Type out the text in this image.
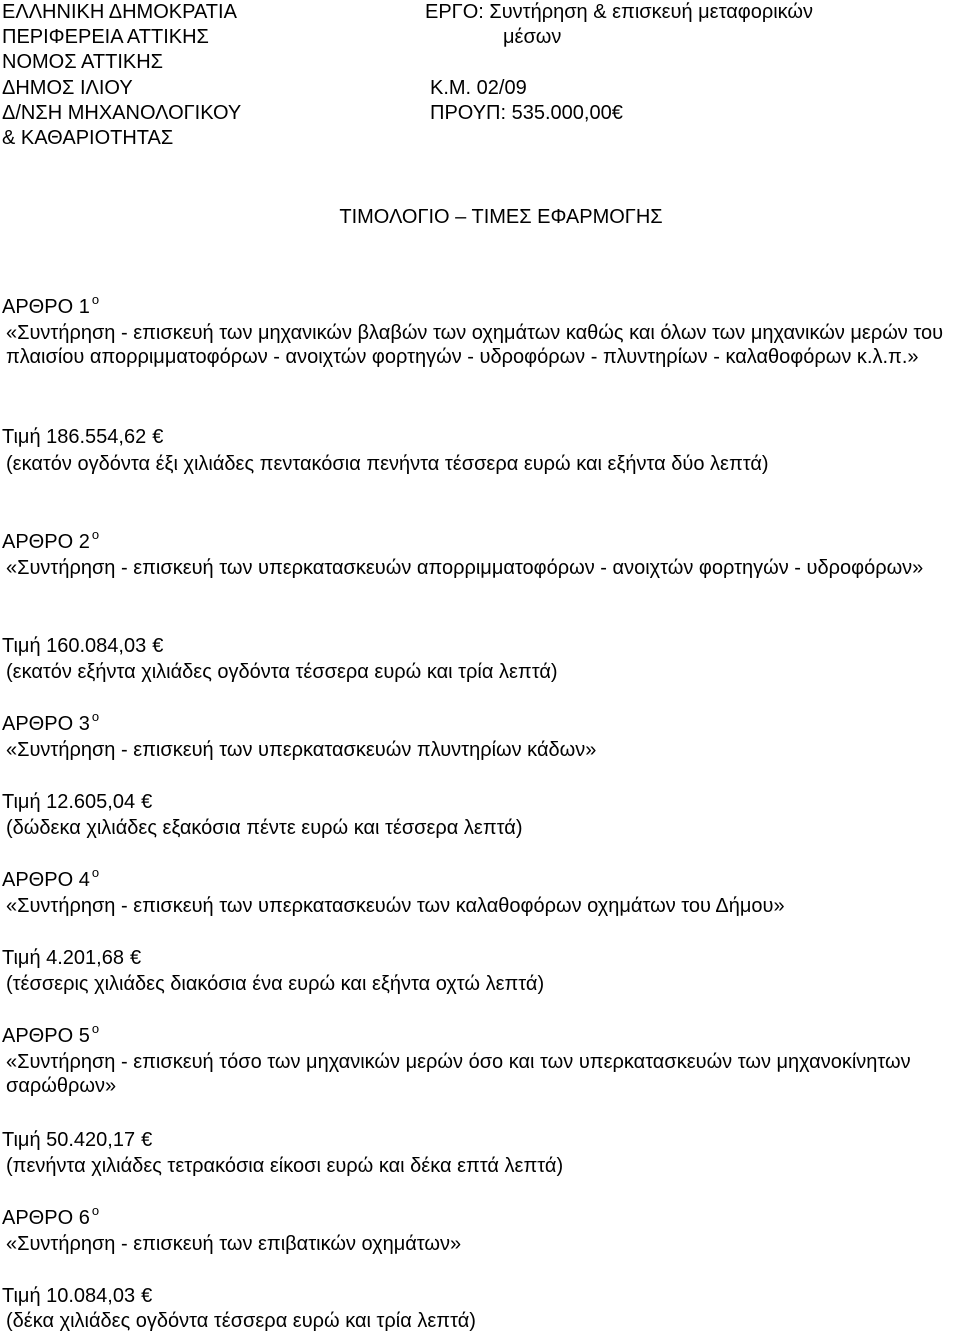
ΕΛΛΗΝΙΚΗ ΔΗΜΟΚΡΑΤΙΑ
ΠΕΡΙΦΕΡΕΙΑ ΑΤΤΙΚΗΣ
ΝΟΜΟΣ ΑΤΤΙΚΗΣ
ΔΗΜΟΣ ΙΛΙΟΥ
Δ/ΝΣΗ ΜΗΧΑΝΟΛΟΓΙΚΟΥ
& ΚΑΘΑΡΙΟΤΗΤΑΣ
ΕΡΓΟ: Συντήρηση & επισκευή μεταφορικών
μέσων
Κ.Μ. 02/09
ΠΡΟΥΠ: 535.000,00€
ΤΙΜΟΛΟΓΙΟ – ΤΙΜΕΣ ΕΦΑΡΜΟΓΗΣ
ΑΡΘΡΟ 1 $^o$
«Συντήρηση - επισκευή των μηχανικών βλαβών των οχημάτων καθώς και όλων των μηχανικών μερών του πλαισίου απορριμματοφόρων - ανοιχτών φορτηγών - υδροφόρων - πλυντηρίων - καλαθοφόρων κ.λ.π.»
Τιμή 186.554,62 €
(εκατόν ογδόντα έξι χιλιάδες πεντακόσια πενήντα τέσσερα ευρώ και εξήντα δύο λεπτά)
ΑΡΘΡΟ 2 $^o$
«Συντήρηση - επισκευή των υπερκατασκευών απορριμματοφόρων - ανοιχτών φορτηγών - υδροφόρων»
Τιμή 160.084,03 €
(εκατόν εξήντα χιλιάδες ογδόντα τέσσερα ευρώ και τρία λεπτά)
ΑΡΘΡΟ 3 $^o$
«Συντήρηση - επισκευή των υπερκατασκευών πλυντηρίων κάδων»
Τιμή 12.605,04 €
(δώδεκα χιλιάδες εξακόσια πέντε ευρώ και τέσσερα λεπτά)
ΑΡΘΡΟ 4 $^o$
«Συντήρηση - επισκευή των υπερκατασκευών των καλαθοφόρων οχημάτων του Δήμου»
Τιμή 4.201,68 €
(τέσσερις χιλιάδες διακόσια ένα ευρώ και εξήντα οχτώ λεπτά)
ΑΡΘΡΟ 5 $^o$
«Συντήρηση - επισκευή τόσο των μηχανικών μερών όσο και των υπερκατασκευών των μηχανοκίνητων σαρώθρων»
Τιμή 50.420,17 €
(πενήντα χιλιάδες τετρακόσια είκοσι ευρώ και δέκα επτά λεπτά)
ΑΡΘΡΟ 6 $^o$
«Συντήρηση - επισκευή των επιβατικών οχημάτων»
Τιμή 10.084,03 €
(δέκα χιλιάδες ογδόντα τέσσερα ευρώ και τρία λεπτά)
